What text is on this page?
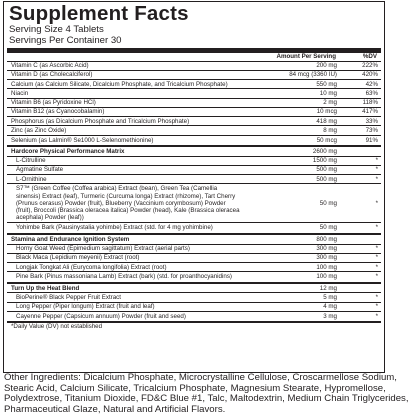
Supplement Facts
Serving Size 4 Tablets
Servings Per Container 30
Amount Per Serving	%DV
Vitamin C (as Ascorbic Acid)	200 mg	222%
Vitamin D (as Cholecalciferol)	84 mcg (3360 IU)	420%
Calcium (as Calcium Silicate, Dicalcium Phosphate, and Tricalcium Phosphate)	550 mg	42%
Niacin	10 mg	63%
Vitamin B6 (as Pyridoxine HCl)	2 mg	118%
Vitamin B12 (as Cyanocobalamin)	10 mcg	417%
Phosphorus (as Dicalcium Phosphate and Tricalcium Phosphate)	418 mg	33%
Zinc (as Zinc Oxide)	8 mg	73%
Selenium (as Lalmin® Se1000 L-Selenomethionine)	50 mcg	91%
Hardcore Physical Performance Matrix	2600 mg
L-Citrulline	1500 mg	*
Agmatine Sulfate	500 mg	*
L-Ornithine	500 mg	*
S7™ (Green Coffee (Coffea arabica) Extract (bean), Green Tea (Camellia sinensis) Extract (leaf), Turmeric (Curcuma longa) Extract (rhizome), Tart Cherry (Prunus cerasus) Powder (fruit), Blueberry (Vaccinium corymbosum) Powder (fruit), Broccoli (Brassica oleracea italica) Powder (head), Kale (Brassica oleracea acephala) Powder (leaf))
50 mg	*
Yohimbe Bark (Pausinystalia yohimbe) Extract (std. for 4 mg yohimbine)	50 mg	*
Stamina and Endurance Ignition System	800 mg
Horny Goat Weed (Epimedium sagittatum) Extract (aerial parts)	300 mg	*
Black Maca (Lepidium meyenii) Extract (root)	300 mg	*
Longjak Tongkat Ali (Eurycoma longifolia) Extract (root)	100 mg	*
Pine Bark (Pinus massoniana Lamb) Extract (bark) (std. for proanthocyanidins)	100 mg	*
Turn Up the Heat Blend	12 mg
BioPerine® Black Pepper Fruit Extract	5 mg	*
Long Pepper (Piper longum) Extract (fruit and leaf)	4 mg	*
Cayenne Pepper (Capsicum annuum) Powder (fruit and seed)	3 mg	*
*Daily Value (DV) not established
Other Ingredients: Dicalcium Phosphate, Microcrystalline Cellulose, Croscarmellose Sodium, Stearic Acid, Calcium Silicate, Tricalcium Phosphate, Magnesium Stearate, Hypromellose, Polydextrose, Titanium Dioxide, FD&C Blue #1, Talc, Maltodextrin, Medium Chain Triglycerides, Pharmaceutical Glaze, Natural and Artificial Flavors.
